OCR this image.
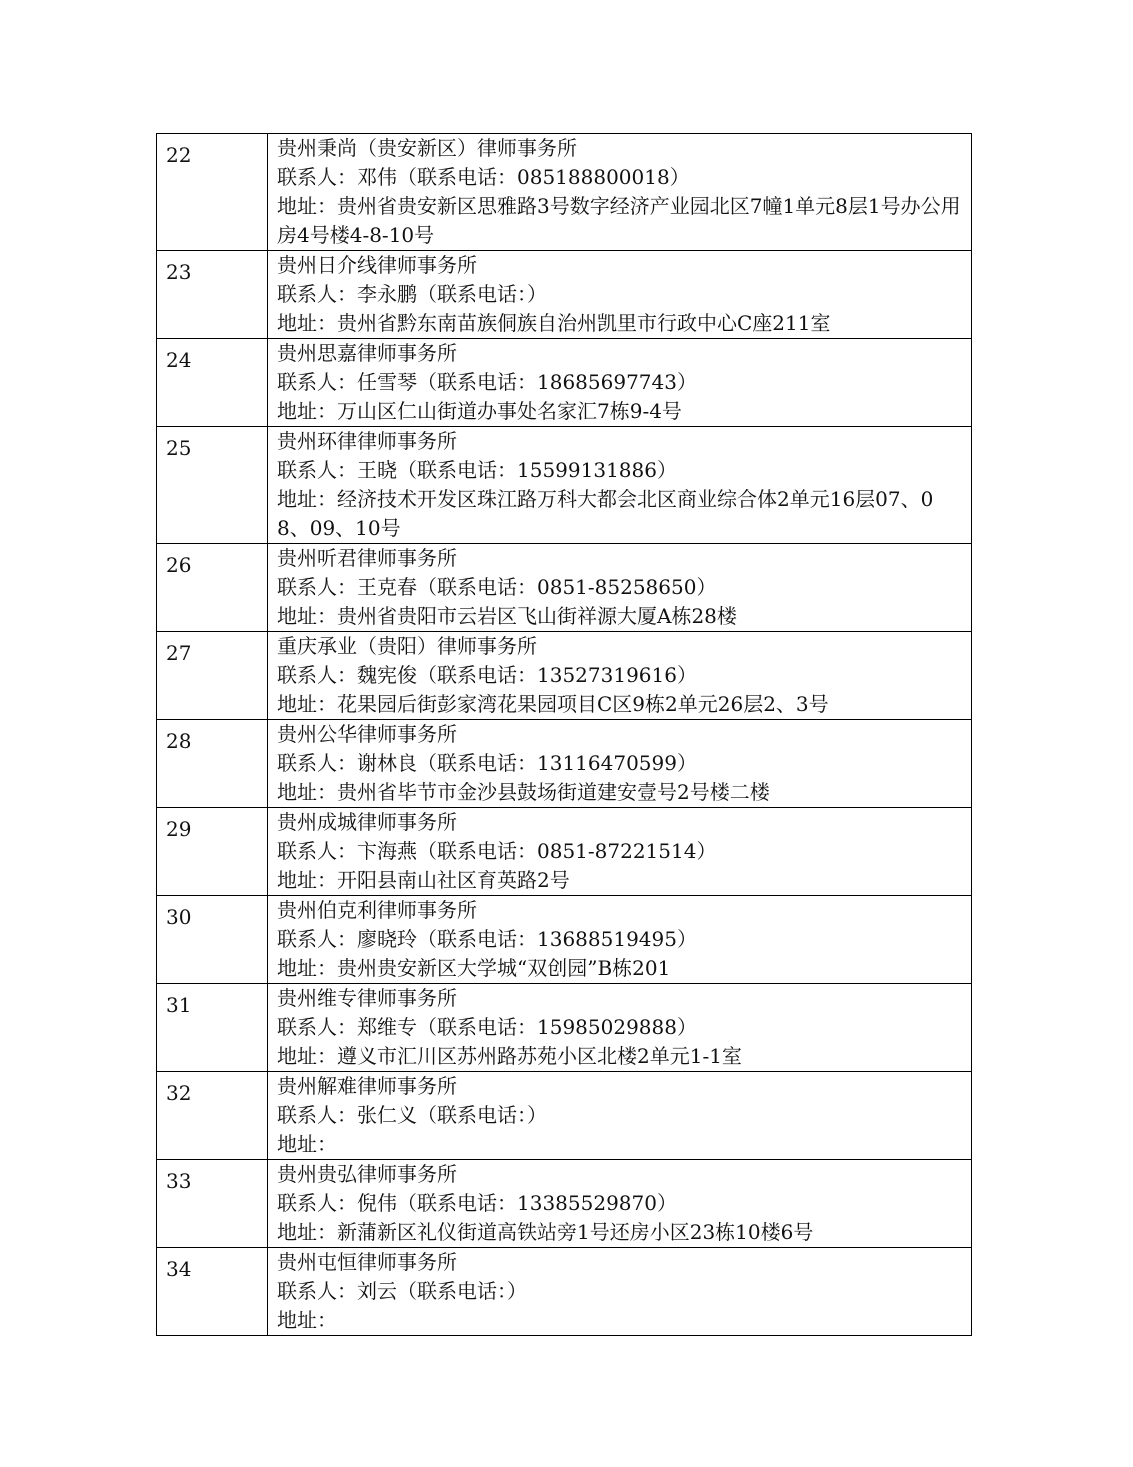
22	贵州秉尚（贵安新区）律师事务所
联系人：邓伟（联系电话：085188800018）
地址：贵州省贵安新区思雅路3号数字经济产业园北区7幢1单元8层1号办公用房4号楼4-8-10号

23	贵州日介线律师事务所
联系人：李永鹏（联系电话：）
地址：贵州省黔东南苗族侗族自治州凯里市行政中心C座211室

24	贵州思嘉律师事务所
联系人：任雪琴（联系电话：18685697743）
地址：万山区仁山街道办事处名家汇7栋9-4号

25	贵州环律律师事务所
联系人：王晓（联系电话：15599131886）
地址：经济技术开发区珠江路万科大都会北区商业综合体2单元16层07、08、09、10号

26	贵州听君律师事务所
联系人：王克春（联系电话：0851-85258650）
地址：贵州省贵阳市云岩区飞山街祥源大厦A栋28楼

27	重庆承业（贵阳）律师事务所
联系人：魏宪俊（联系电话：13527319616）
地址：花果园后街彭家湾花果园项目C区9栋2单元26层2、3号

28	贵州公华律师事务所
联系人：谢林良（联系电话：13116470599）
地址：贵州省毕节市金沙县鼓场街道建安壹号2号楼二楼

29	贵州成城律师事务所
联系人：卞海燕（联系电话：0851-87221514）
地址：开阳县南山社区育英路2号

30	贵州伯克利律师事务所
联系人：廖晓玲（联系电话：13688519495）
地址：贵州贵安新区大学城“双创园”B栋201

31	贵州维专律师事务所
联系人：郑维专（联系电话：15985029888）
地址：遵义市汇川区苏州路苏苑小区北楼2单元1-1室

32	贵州解难律师事务所
联系人：张仁义（联系电话：）
地址：

33	贵州贵弘律师事务所
联系人：倪伟（联系电话：13385529870）
地址：新蒲新区礼仪街道高铁站旁1号还房小区23栋10楼6号

34	贵州屯恒律师事务所
联系人：刘云（联系电话：）
地址：
